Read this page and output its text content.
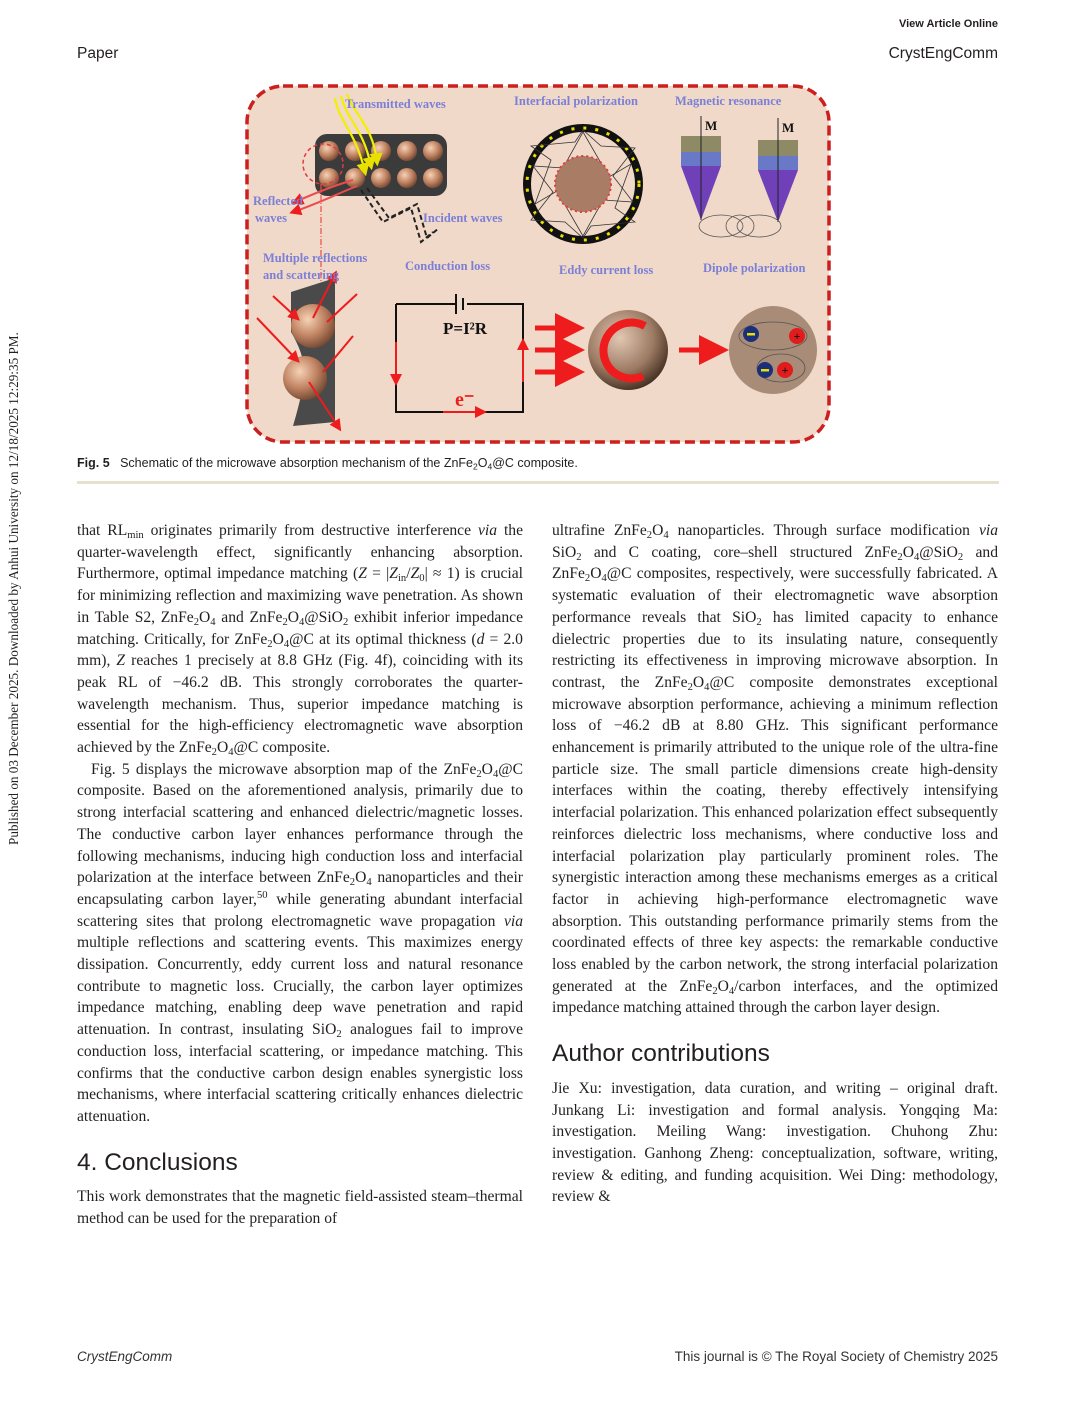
View Article Online
Paper	CrystEngComm
Published on 03 December 2025. Downloaded by Anhui University on 12/18/2025 12:29:35 PM.	+
+
Transmitted waves	Interfacial polarization	Magnetic resonance
Reflected
waves	Incident waves
Multiple reflections
and scattering
Conduction loss	Eddy current loss	Dipole polarization
M	M
P=I²R
e⁻
Fig. 5 Schematic of the microwave absorption mechanism of the $ZnFe_2O_4@C$ composite.

that $RL_{min}$ originates primarily from destructive interference via the quarter-wavelength effect, significantly enhancing absorption. Furthermore, optimal impedance matching $(Z = |Z_{in}/Z_0| \approx 1)$ is crucial for minimizing reflection and maximizing wave penetration. As shown in Table S2, $ZnFe_2O_4$ and $ZnFe_2O_4@SiO_2$ exhibit inferior impedance matching. Critically, for $ZnFe_2O_4@C$ at its optimal thickness (d = 2.0 mm), Z reaches 1 precisely at 8.8 GHz (Fig. 4f), coinciding with its peak RL of −46.2 dB. This strongly corroborates the quarter-wavelength mechanism. Thus, superior impedance matching is essential for the high-efficiency electromagnetic wave absorption achieved by the $ZnFe_2O_4@C$ composite.

Fig. 5 displays the microwave absorption map of the $ZnFe_2O_4@C$ composite. Based on the aforementioned analysis, primarily due to strong interfacial scattering and enhanced dielectric/magnetic losses. The conductive carbon layer enhances performance through the following mechanisms, inducing high conduction loss and interfacial polarization at the interface between $ZnFe_2O_4$ nanoparticles and their encapsulating carbon layer,$^{50}$ while generating abundant interfacial scattering sites that prolong electromagnetic wave propagation via multiple reflections and scattering events. This maximizes energy dissipation. Concurrently, eddy current loss and natural resonance contribute to magnetic loss. Crucially, the carbon layer optimizes impedance matching, enabling deep wave penetration and rapid attenuation. In contrast, insulating SiO$_2$ analogues fail to improve conduction loss, interfacial scattering, or impedance matching. This confirms that the conductive carbon design enables synergistic loss mechanisms, where interfacial scattering critically enhances dielectric attenuation.

4. Conclusions

This work demonstrates that the magnetic field-assisted steam–thermal method can be used for the preparation of

ultrafine $ZnFe_2O_4$ nanoparticles. Through surface modification via SiO$_2$ and C coating, core–shell structured $ZnFe_2O_4@SiO_2$ and $ZnFe_2O_4@C$ composites, respectively, were successfully fabricated. A systematic evaluation of their electromagnetic wave absorption performance reveals that SiO$_2$ has limited capacity to enhance dielectric properties due to its insulating nature, consequently restricting its effectiveness in improving microwave absorption. In contrast, the $ZnFe_2O_4@C$ composite demonstrates exceptional microwave absorption performance, achieving a minimum reflection loss of −46.2 dB at 8.80 GHz. This significant performance enhancement is primarily attributed to the unique role of the ultra-fine particle size. The small particle dimensions create high-density interfaces within the coating, thereby effectively intensifying interfacial polarization. This enhanced polarization effect subsequently reinforces dielectric loss mechanisms, where conductive loss and interfacial polarization play particularly prominent roles. The synergistic interaction among these mechanisms emerges as a critical factor in achieving high-performance electromagnetic wave absorption. This outstanding performance primarily stems from the coordinated effects of three key aspects: the remarkable conductive loss enabled by the carbon network, the strong interfacial polarization generated at the $ZnFe_2O_4$/carbon interfaces, and the optimized impedance matching attained through the carbon layer design.

Author contributions

Jie Xu: investigation, data curation, and writing – original draft. Junkang Li: investigation and formal analysis. Yongqing Ma: investigation. Meiling Wang: investigation. Chuhong Zhu: investigation. Ganhong Zheng: conceptualization, software, writing, review & editing, and funding acquisition. Wei Ding: methodology, review &

CrystEngComm	This journal is © The Royal Society of Chemistry 2025
